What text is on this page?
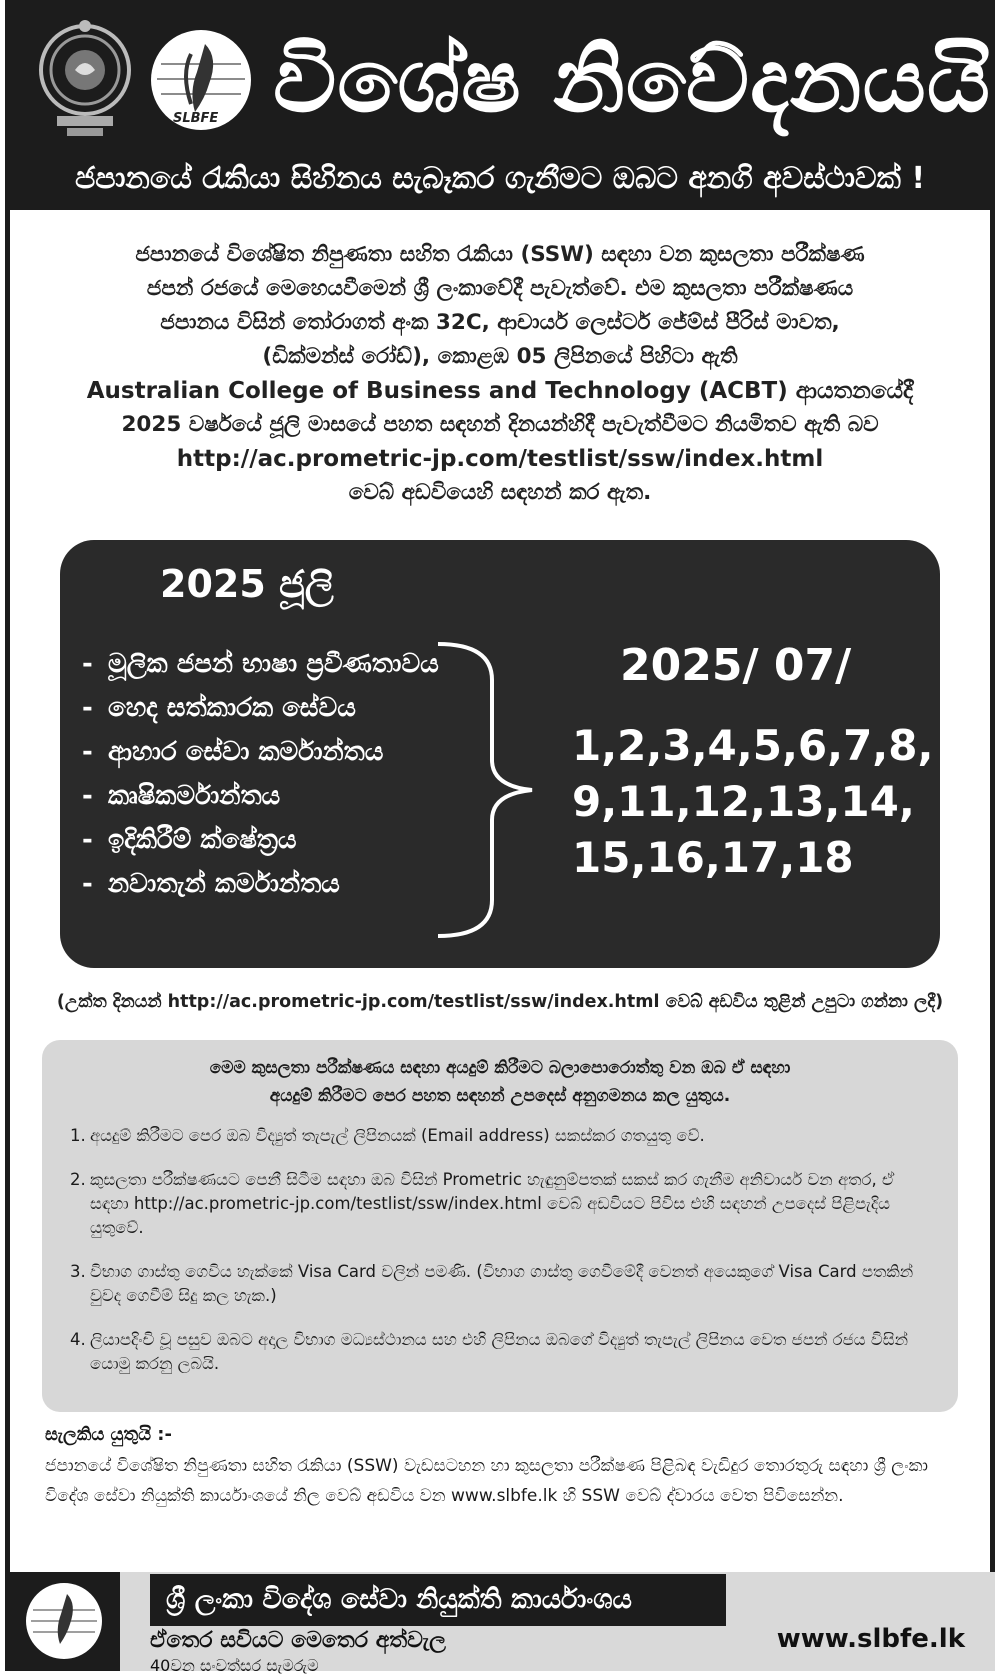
SLBFE විශේෂ නිවේදනයයි
ජපානයේ රැකියා සිහිනය සැබෑකර ගැනීමට ඔබට අනගි අවස්ථාවක් !
ජපානයේ විශේෂිත නිපුණතා සහිත රැකියා (SSW) සඳහා වන කුසලතා පරීක්ෂණ
ජපන් රජයේ මෙහෙයවීමෙන් ශ්‍රී ලංකාවේදී පැවැත්වේ. එම කුසලතා පරීක්ෂණය
ජපානය විසින් තෝරාගත් අංක 32C, ආචාර්ය ලෙස්ටර් ජේම්ස් පීරිස් මාවත,
(ඩික්මන්ස් රෝඩ්), කොළඹ 05 ලිපිනයේ පිහිටා ඇති
Australian College of Business and Technology (ACBT) ආයතනයේදී
2025 වර්ෂයේ ජූලි මාසයේ පහත සඳහන් දිනයන්හිදී පැවැත්වීමට නියමිතව ඇති බව
http://ac.prometric-jp.com/testlist/ssw/index.html
වෙබ් අඩවියෙහි සඳහන් කර ඇත.
2025 ජූලි
- මූලික ජපන් භාෂා ප්‍රවීණතාවය
- හෙද සත්කාරක සේවය
- ආහාර සේවා කර්මාන්තය
- කෘෂිකර්මාන්තය
- ඉදිකිරීම් ක්ෂේත්‍රය
- නවාතැන් කර්මාන්තය
2025/ 07/
1,2,3,4,5,6,7,8,
9,11,12,13,14,
15,16,17,18
(උක්ත දිනයන් http://ac.prometric-jp.com/testlist/ssw/index.html වෙබ් අඩවිය තුළින් උපුටා ගන්නා ලදී)
මෙම කුසලතා පරීක්ෂණය සඳහා අයදුම් කිරීමට බලාපොරොත්තු වන ඔබ ඒ සඳහා
අයදුම් කිරීමට පෙර පහත සඳහන් උපදෙස් අනුගමනය කල යුතුය.
1. අයදුම් කිරීමට පෙර ඔබ විද්‍යුත් තැපැල් ලිපිනයක් (Email address) සකස්කර ගතයුතු වේ.
2. කුසලතා පරීක්ෂණයට පෙනී සිටීම සඳහා ඔබ විසින් Prometric හැඳුනුම්පතක් සකස් කර ගැනීම අනිවාර්ය වන අතර, ඒ සඳහා http://ac.prometric-jp.com/testlist/ssw/index.html වෙබ් අඩවියට පිවිස එහි සඳහන් උපදෙස් පිළිපැදිය යුතුවේ.
3. විභාග ගාස්තු ගෙවිය හැක්කේ Visa Card වලින් පමණි. (විභාග ගාස්තු ගෙවීමේදී වෙනත් අයෙකුගේ Visa Card පතකින් වුවද ගෙවීම් සිදු කල හැක.)
4. ලියාපදිංචි වූ පසුව ඔබට අදාල විභාග මධ්‍යස්ථානය සහ එහි ලිපිනය ඔබගේ විද්‍යුත් තැපැල් ලිපිනය වෙත ජපන් රජය විසින් යොමු කරනු ලබයි.
සැලකිය යුතුයි :-
ජපානයේ විශේෂිත නිපුණතා සහිත රැකියා (SSW) වැඩසටහන හා කුසලතා පරීක්ෂණ පිළිබඳ වැඩිදුර තොරතුරු සඳහා ශ්‍රී ලංකා විදේශ සේවා නියුක්ති කාර්යාංශයේ නිල වෙබ් අඩවිය වන www.slbfe.lk හි SSW වෙබ් ද්වාරය වෙත පිවිසෙන්න.
ශ්‍රී ලංකා විදේශ සේවා නියුක්ති කාර්යාංශය
ඒතෙර සවියට මෙතෙර අත්වැල
40වන සංවත්සර සැමරුම
www.slbfe.lk
